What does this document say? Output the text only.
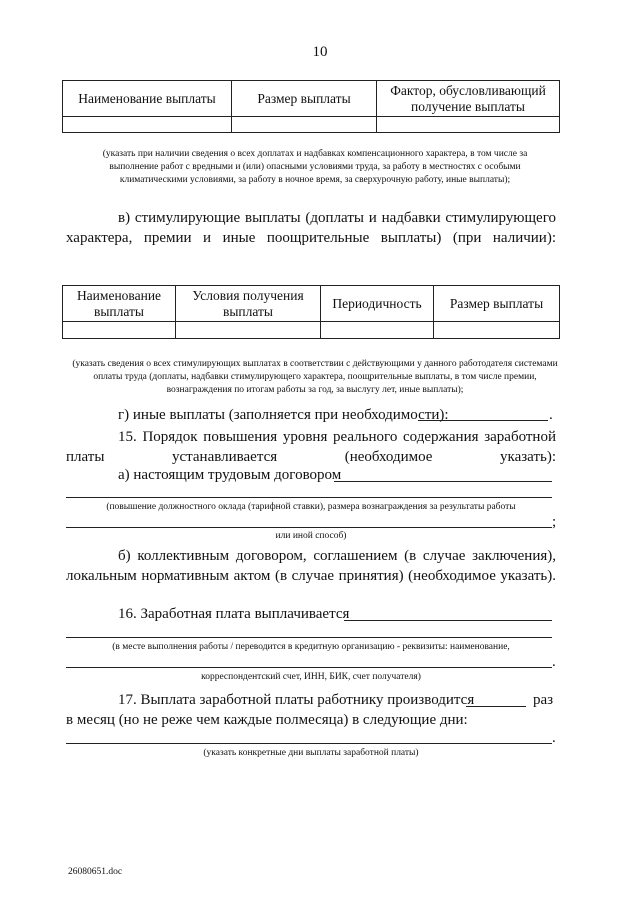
10
Наименование выплаты	Размер выплаты	Фактор, обусловливающий получение выплаты

(указать при наличии сведения о всех доплатах и надбавках компенсационного характера, в том числе за выполнение работ с вредными и (или) опасными условиями труда, за работу в местностях с особыми климатическими условиями, за работу в ночное время, за сверхурочную работу, иные выплаты);
в) стимулирующие выплаты (доплаты и надбавки стимулирующего характера, премии и иные поощрительные выплаты) (при наличии):
Наименование выплаты	Условия получения выплаты	Периодичность	Размер выплаты

(указать сведения о всех стимулирующих выплатах в соответствии с действующими у данного работодателя системами оплаты труда (доплаты, надбавки стимулирующего характера, поощрительные выплаты, в том числе премии, вознаграждения по итогам работы за год, за выслугу лет, иные выплаты);
г) иные выплаты (заполняется при необходимости):	.
15. Порядок повышения уровня реального содержания заработной платы устанавливается (необходимое указать):
а) настоящим трудовым договором
(повышение должностного оклада (тарифной ставки), размера вознаграждения за результаты работы
;
или иной способ)
б) коллективным договором, соглашением (в случае заключения), локальным нормативным актом (в случае принятия) (необходимое указать).
16. Заработная плата выплачивается
(в месте выполнения работы / переводится в кредитную организацию - реквизиты: наименование,
.
корреспондентский счет, ИНН, БИК, счет получателя)
17. Выплата заработной платы работнику производится	раз
в месяц (но не реже чем каждые полмесяца) в следующие дни:
.
(указать конкретные дни выплаты заработной платы)
26080651.doc
